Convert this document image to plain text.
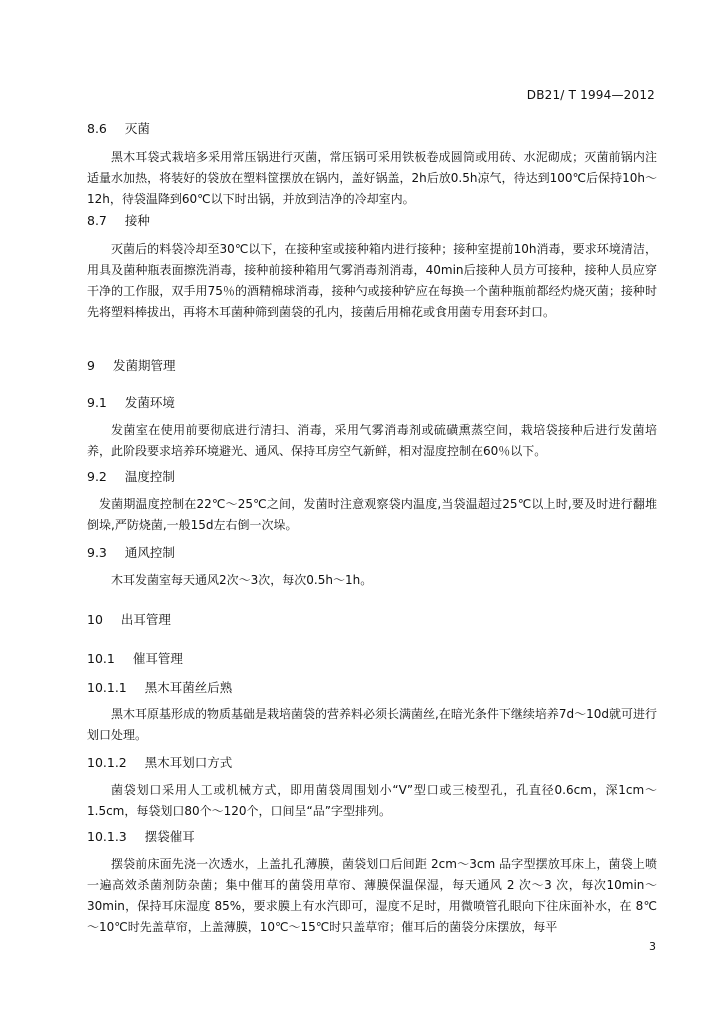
DB21/ T 1994—2012
8.6 灭菌

黑木耳袋式栽培多采用常压锅进行灭菌，常压锅可采用铁板卷成圆筒或用砖、水泥砌成；灭菌前锅内注适量水加热，将装好的袋放在塑料筐摆放在锅内，盖好锅盖，2h后放0.5h凉气，待达到100℃后保持10h～12h，待袋温降到60℃以下时出锅，并放到洁净的冷却室内。

8.7 接种

灭菌后的料袋冷却至30℃以下，在接种室或接种箱内进行接种；接种室提前10h消毒，要求环境清洁，用具及菌种瓶表面擦洗消毒，接种前接种箱用气雾消毒剂消毒，40min后接种人员方可接种，接种人员应穿干净的工作服，双手用75％的酒精棉球消毒，接种勺或接种铲应在每换一个菌种瓶前都经灼烧灭菌；接种时先将塑料棒拔出，再将木耳菌种筛到菌袋的孔内，接菌后用棉花或食用菌专用套环封口。

9 发菌期管理
9.1 发菌环境

发菌室在使用前要彻底进行清扫、消毒，采用气雾消毒剂或硫磺熏蒸空间，栽培袋接种后进行发菌培养，此阶段要求培养环境避光、通风、保持耳房空气新鲜，相对湿度控制在60％以下。

9.2 温度控制

发菌期温度控制在22℃～25℃之间，发菌时注意观察袋内温度,当袋温超过25℃以上时,要及时进行翻堆倒垛,严防烧菌,一般15d左右倒一次垛。

9.3 通风控制

木耳发菌室每天通风2次～3次，每次0.5h～1h。

10 出耳管理
10.1 催耳管理
10.1.1 黑木耳菌丝后熟

黑木耳原基形成的物质基础是栽培菌袋的营养料必须长满菌丝,在暗光条件下继续培养7d～10d就可进行划口处理。

10.1.2 黑木耳划口方式

菌袋划口采用人工或机械方式，即用菌袋周围划小“V”型口或三棱型孔，孔直径0.6cm，深1cm～1.5cm，每袋划口80个～120个，口间呈“品”字型排列。

10.1.3 摆袋催耳

摆袋前床面先浇一次透水，上盖扎孔薄膜，菌袋划口后间距 2cm～3cm 品字型摆放耳床上，菌袋上喷一遍高效杀菌剂防杂菌；集中催耳的菌袋用草帘、薄膜保温保湿，每天通风 2 次～3 次，每次10min～30min，保持耳床湿度 85%，要求膜上有水汽即可，湿度不足时，用微喷管孔眼向下往床面补水，在 8℃～10℃时先盖草帘，上盖薄膜，10℃～15℃时只盖草帘；催耳后的菌袋分床摆放，每平

3
